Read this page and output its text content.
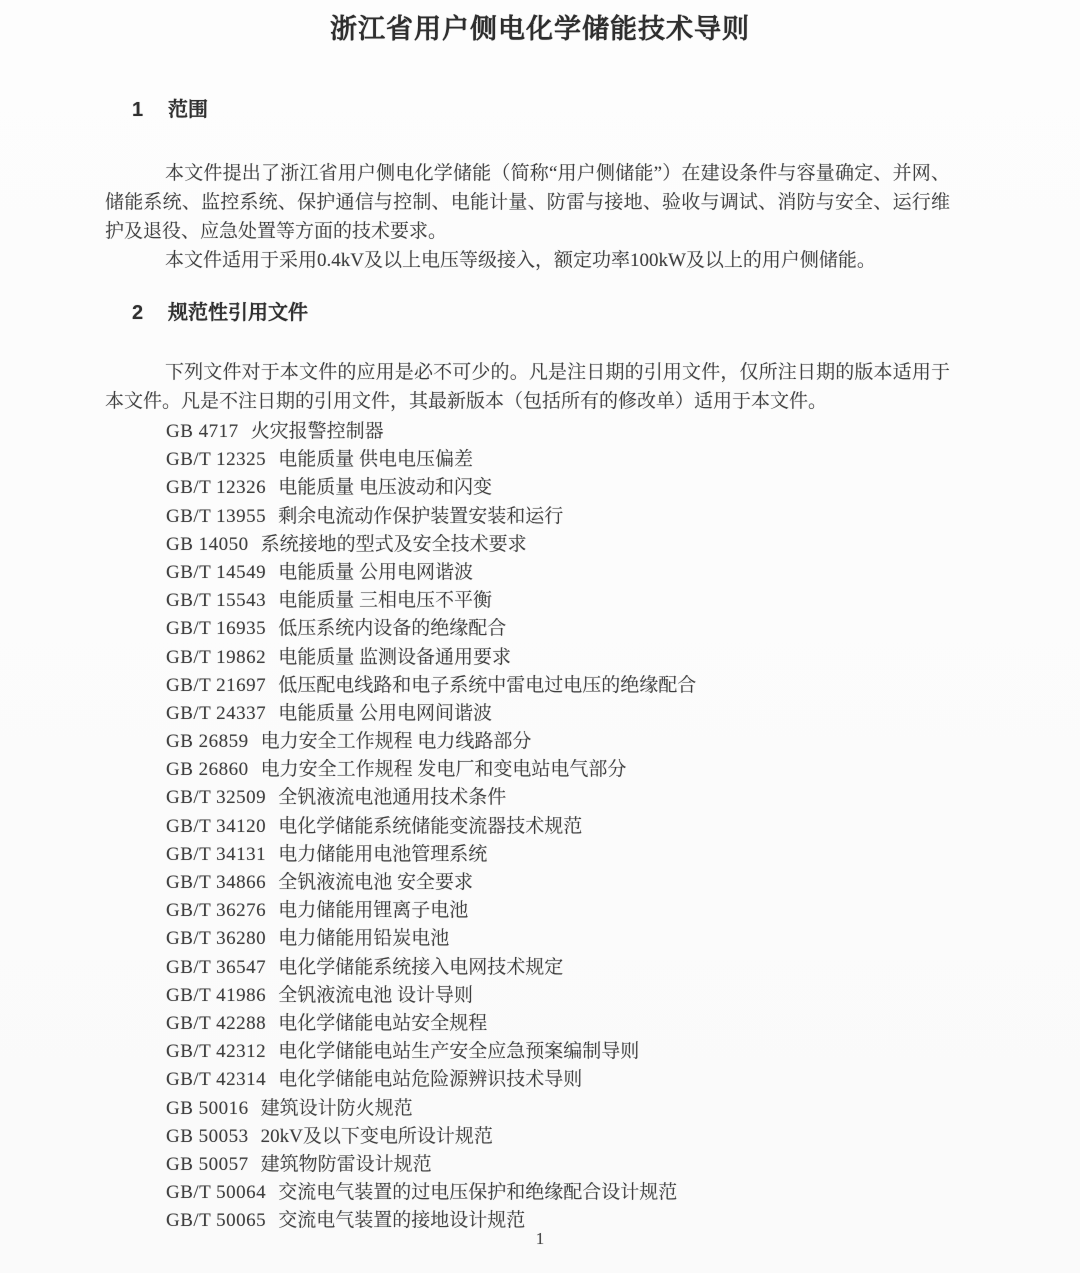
浙江省用户侧电化学储能技术导则
1	范围

本文件提出了浙江省用户侧电化学储能（简称“用户侧储能”）在建设条件与容量确定、并网、储能系统、监控系统、保护通信与控制、电能计量、防雷与接地、验收与调试、消防与安全、运行维护及退役、应急处置等方面的技术要求。

本文件适用于采用0.4kV及以上电压等级接入，额定功率100kW及以上的用户侧储能。

2	规范性引用文件

下列文件对于本文件的应用是必不可少的。凡是注日期的引用文件，仅所注日期的版本适用于本文件。凡是不注日期的引用文件，其最新版本（包括所有的修改单）适用于本文件。

GB 4717 火灾报警控制器
GB/T 12325 电能质量 供电电压偏差
GB/T 12326 电能质量 电压波动和闪变
GB/T 13955 剩余电流动作保护装置安装和运行
GB 14050 系统接地的型式及安全技术要求
GB/T 14549 电能质量 公用电网谐波
GB/T 15543 电能质量 三相电压不平衡
GB/T 16935 低压系统内设备的绝缘配合
GB/T 19862 电能质量 监测设备通用要求
GB/T 21697 低压配电线路和电子系统中雷电过电压的绝缘配合
GB/T 24337 电能质量 公用电网间谐波
GB 26859 电力安全工作规程 电力线路部分
GB 26860 电力安全工作规程 发电厂和变电站电气部分
GB/T 32509 全钒液流电池通用技术条件
GB/T 34120 电化学储能系统储能变流器技术规范
GB/T 34131 电力储能用电池管理系统
GB/T 34866 全钒液流电池 安全要求
GB/T 36276 电力储能用锂离子电池
GB/T 36280 电力储能用铅炭电池
GB/T 36547 电化学储能系统接入电网技术规定
GB/T 41986 全钒液流电池 设计导则
GB/T 42288 电化学储能电站安全规程
GB/T 42312 电化学储能电站生产安全应急预案编制导则
GB/T 42314 电化学储能电站危险源辨识技术导则
GB 50016 建筑设计防火规范
GB 50053 20kV及以下变电所设计规范
GB 50057 建筑物防雷设计规范
GB/T 50064 交流电气装置的过电压保护和绝缘配合设计规范
GB/T 50065 交流电气装置的接地设计规范
1
